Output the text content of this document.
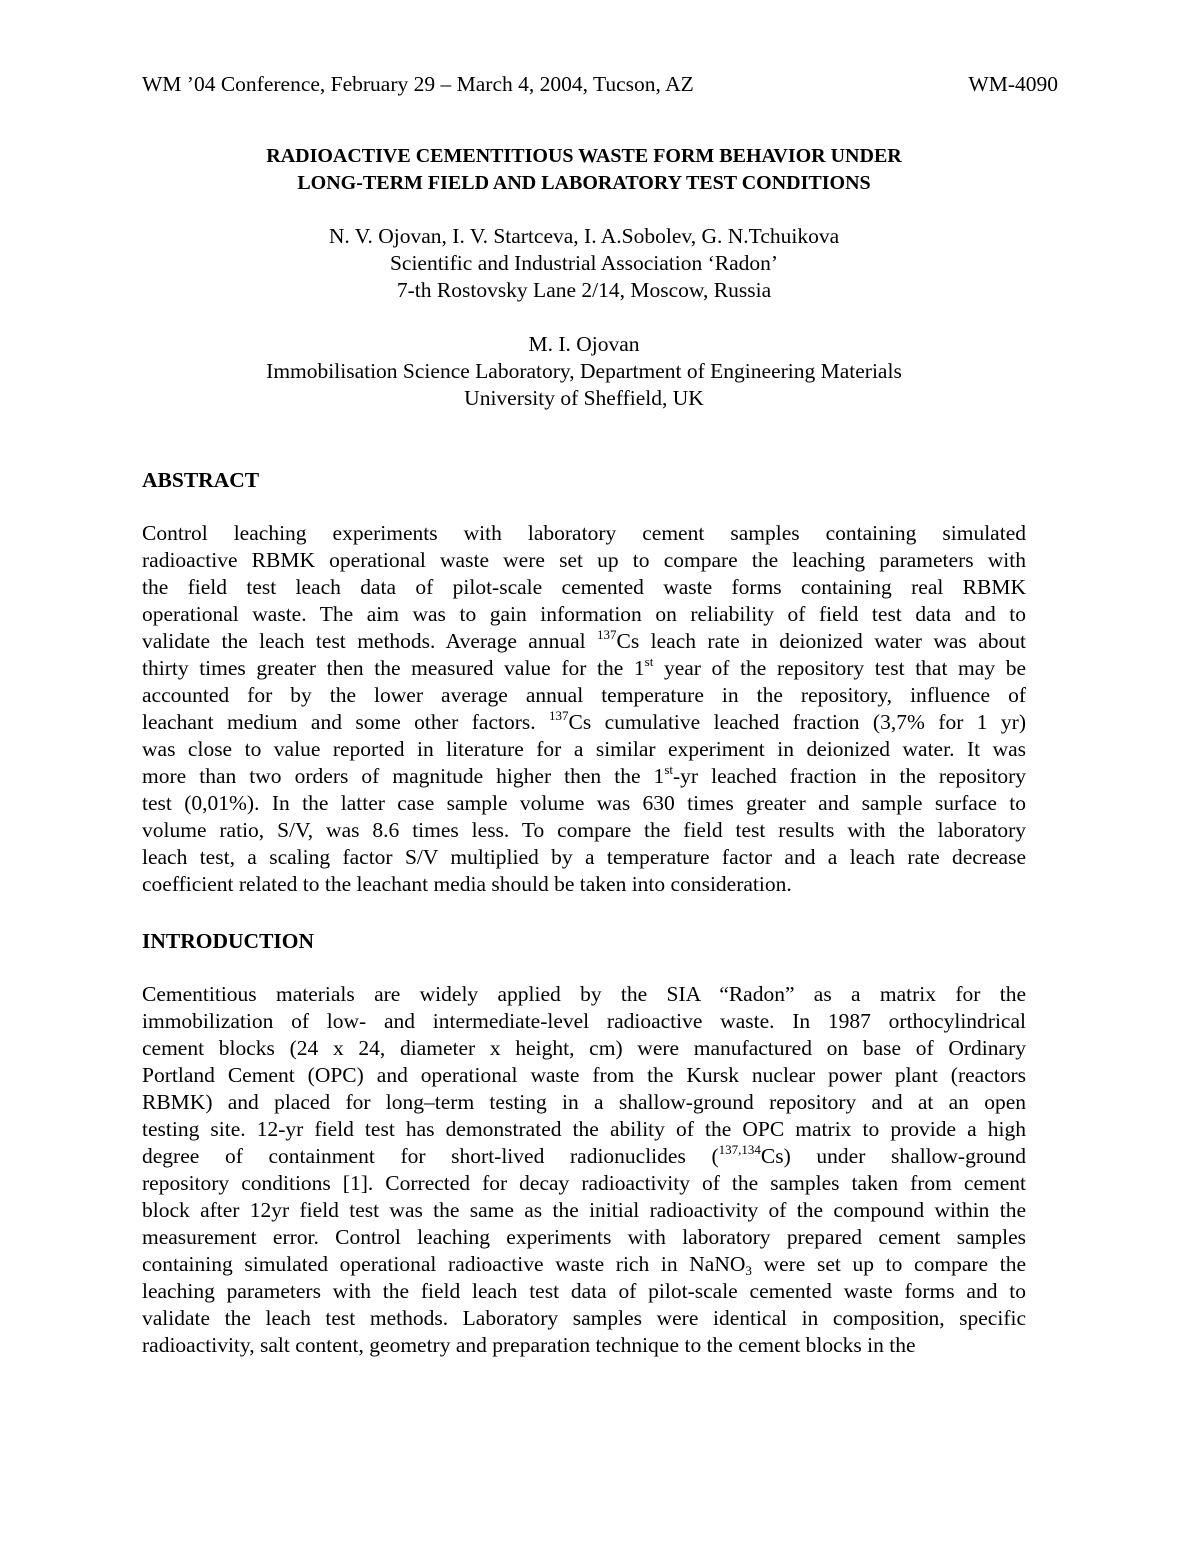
WM ’04 Conference, February 29 – March 4, 2004, Tucson, AZ	WM-4090
RADIOACTIVE CEMENTITIOUS WASTE FORM BEHAVIOR UNDER
LONG-TERM FIELD AND LABORATORY TEST CONDITIONS
N. V. Ojovan, I. V. Startceva, I. A.Sobolev, G. N.Tchuikova
Scientific and Industrial Association ‘Radon’
7-th Rostovsky Lane 2/14, Moscow, Russia
M. I. Ojovan
Immobilisation Science Laboratory, Department of Engineering Materials
University of Sheffield, UK
ABSTRACT
Control leaching experiments with laboratory cement samples containing simulated
radioactive RBMK operational waste were set up to compare the leaching parameters with
the field test leach data of pilot-scale cemented waste forms containing real RBMK
operational waste. The aim was to gain information on reliability of field test data and to
validate the leach test methods. Average annual $^{137}$Cs leach rate in deionized water was about
thirty times greater then the measured value for the 1st year of the repository test that may be
accounted for by the lower average annual temperature in the repository, influence of
leachant medium and some other factors. $^{137}$Cs cumulative leached fraction (3,7% for 1 yr)
was close to value reported in literature for a similar experiment in deionized water. It was
more than two orders of magnitude higher then the 1st-yr leached fraction in the repository
test (0,01%). In the latter case sample volume was 630 times greater and sample surface to
volume ratio, S/V, was 8.6 times less. To compare the field test results with the laboratory
leach test, a scaling factor S/V multiplied by a temperature factor and a leach rate decrease
coefficient related to the leachant media should be taken into consideration.
INTRODUCTION
Cementitious materials are widely applied by the SIA “Radon” as a matrix for the
immobilization of low- and intermediate-level radioactive waste. In 1987 orthocylindrical
cement blocks (24 x 24, diameter x height, cm) were manufactured on base of Ordinary
Portland Cement (OPC) and operational waste from the Kursk nuclear power plant (reactors
RBMK) and placed for long–term testing in a shallow-ground repository and at an open
testing site. 12-yr field test has demonstrated the ability of the OPC matrix to provide a high
degree of containment for short-lived radionuclides ($^{137,134}$Cs) under shallow-ground
repository conditions [1]. Corrected for decay radioactivity of the samples taken from cement
block after 12yr field test was the same as the initial radioactivity of the compound within the
measurement error. Control leaching experiments with laboratory prepared cement samples
containing simulated operational radioactive waste rich in NaNO$_3$ were set up to compare the
leaching parameters with the field leach test data of pilot-scale cemented waste forms and to
validate the leach test methods. Laboratory samples were identical in composition, specific
radioactivity, salt content, geometry and preparation technique to the cement blocks in the
